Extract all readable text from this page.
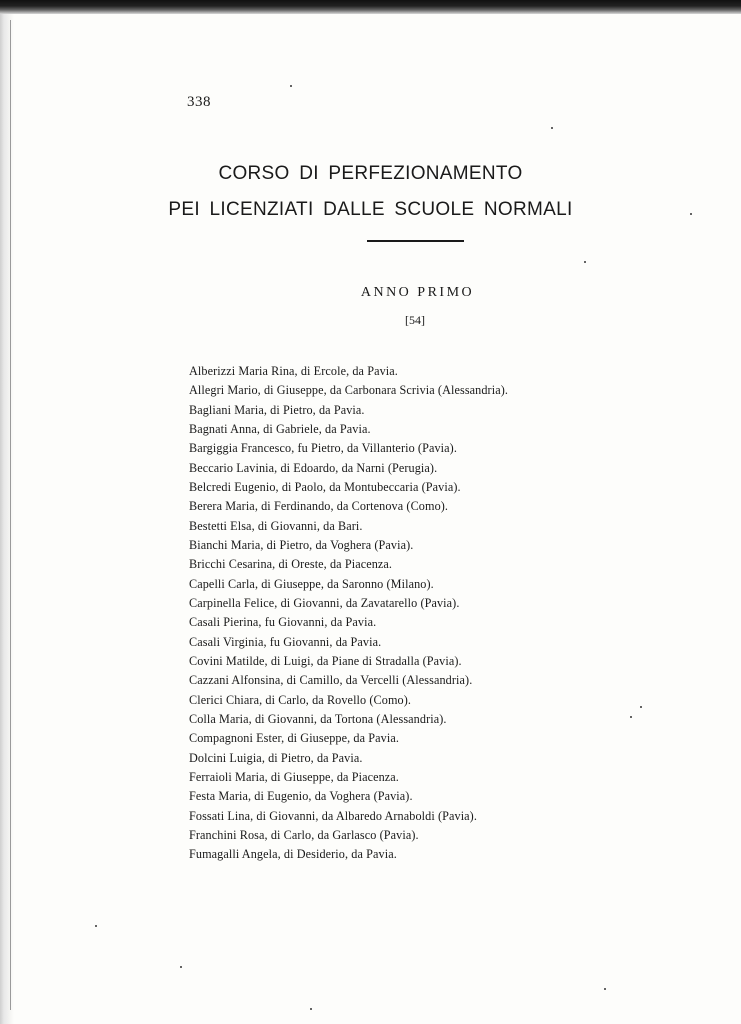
338
CORSO DI PERFEZIONAMENTO
PEI LICENZIATI DALLE SCUOLE NORMALI
ANNO PRIMO
[54]
Alberizzi Maria Rina, di Ercole, da Pavia.
Allegri Mario, di Giuseppe, da Carbonara Scrivia (Alessandria).
Bagliani Maria, di Pietro, da Pavia.
Bagnati Anna, di Gabriele, da Pavia.
Bargiggia Francesco, fu Pietro, da Villanterio (Pavia).
Beccario Lavinia, di Edoardo, da Narni (Perugia).
Belcredi Eugenio, di Paolo, da Montubeccaria (Pavia).
Berera Maria, di Ferdinando, da Cortenova (Como).
Bestetti Elsa, di Giovanni, da Bari.
Bianchi Maria, di Pietro, da Voghera (Pavia).
Bricchi Cesarina, di Oreste, da Piacenza.
Capelli Carla, di Giuseppe, da Saronno (Milano).
Carpinella Felice, di Giovanni, da Zavatarello (Pavia).
Casali Pierina, fu Giovanni, da Pavia.
Casali Virginia, fu Giovanni, da Pavia.
Covini Matilde, di Luigi, da Piane di Stradalla (Pavia).
Cazzani Alfonsina, di Camillo, da Vercelli (Alessandria).
Clerici Chiara, di Carlo, da Rovello (Como).
Colla Maria, di Giovanni, da Tortona (Alessandria).
Compagnoni Ester, di Giuseppe, da Pavia.
Dolcini Luigia, di Pietro, da Pavia.
Ferraioli Maria, di Giuseppe, da Piacenza.
Festa Maria, di Eugenio, da Voghera (Pavia).
Fossati Lina, di Giovanni, da Albaredo Arnaboldi (Pavia).
Franchini Rosa, di Carlo, da Garlasco (Pavia).
Fumagalli Angela, di Desiderio, da Pavia.
